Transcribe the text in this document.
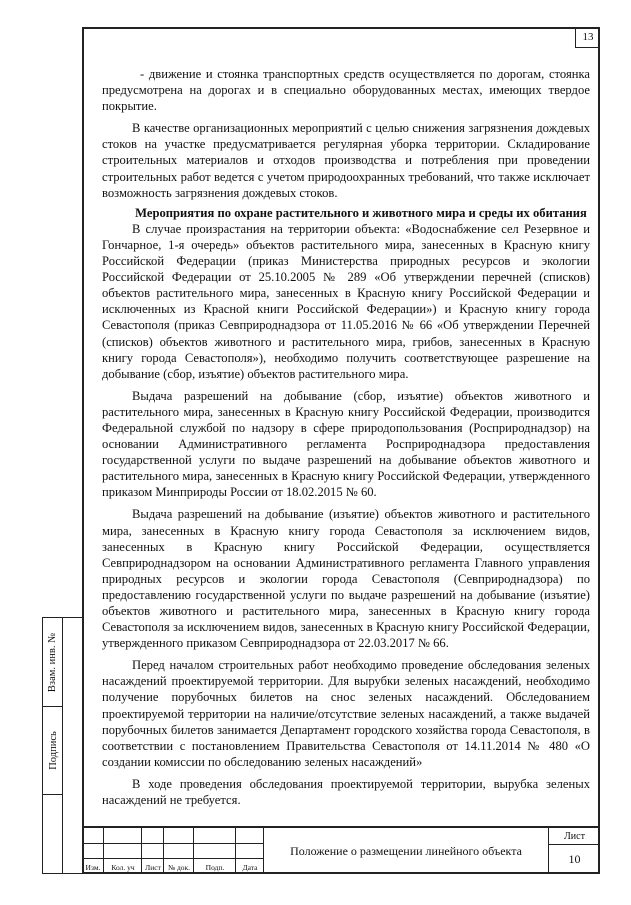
13

- движение и стоянка транспортных средств осуществляется по дорогам, стоянка предусмотрена на дорогах и в специально оборудованных местах, имеющих твердое покрытие.

В качестве организационных мероприятий с целью снижения загрязнения дождевых стоков на участке предусматривается регулярная уборка территории. Складирование строительных материалов и отходов производства и потребления при проведении строительных работ ведется с учетом природоохранных требований, что также исключает возможность загрязнения дождевых стоков.

Мероприятия по охране растительного и животного мира и среды их обитания

В случае произрастания на территории объекта: «Водоснабжение сел Резервное и Гончарное, 1-я очередь» объектов растительного мира, занесенных в Красную книгу Российской Федерации (приказ Министерства природных ресурсов и экологии Российской Федерации от 25.10.2005 № 289 «Об утверждении перечней (списков) объектов растительного мира, занесенных в Красную книгу Российской Федерации и исключенных из Красной книги Российской Федерации») и Красную книгу города Севастополя (приказ Севприроднадзора от 11.05.2016 № 66 «Об утверждении Перечней (списков) объектов животного и растительного мира, грибов, занесенных в Красную книгу города Севастополя»), необходимо получить соответствующее разрешение на добывание (сбор, изъятие) объектов растительного мира.

Выдача разрешений на добывание (сбор, изъятие) объектов животного и растительного мира, занесенных в Красную книгу Российской Федерации, производится Федеральной службой по надзору в сфере природопользования (Росприроднадзор) на основании Административного регламента Росприроднадзора предоставления государственной услуги по выдаче разрешений на добывание объектов животного и растительного мира, занесенных в Красную книгу Российской Федерации, утвержденного приказом Минприроды России от 18.02.2015 № 60.

Выдача разрешений на добывание (изъятие) объектов животного и растительного мира, занесенных в Красную книгу города Севастополя за исключением видов, занесенных в Красную книгу Российской Федерации, осуществляется Севприроднадзором на основании Административного регламента Главного управления природных ресурсов и экологии города Севастополя (Севприроднадзора) по предоставлению государственной услуги по выдаче разрешений на добывание (изъятие) объектов животного и растительного мира, занесенных в Красную книгу города Севастополя за исключением видов, занесенных в Красную книгу Российской Федерации, утвержденного приказом Севприроднадзора от 22.03.2017 № 66.

Перед началом строительных работ необходимо проведение обследования зеленых насаждений проектируемой территории. Для вырубки зеленых насаждений, необходимо получение порубочных билетов на снос зеленых насаждений. Обследованием проектируемой территории на наличие/отсутствие зеленых насаждений, а также выдачей порубочных билетов занимается Департамент городского хозяйства города Севастополя, в соответствии с постановлением Правительства Севастополя от 14.11.2014 № 480 «О создании комиссии по обследованию зеленых насаждений»

В ходе проведения обследования проектируемой территории, вырубка зеленых насаждений не требуется.

Взам. инв. №
Подпись
Изм.	Кол. уч	Лист № док.	Подп.	Дата
Положение о размещении линейного объекта
Лист
10
